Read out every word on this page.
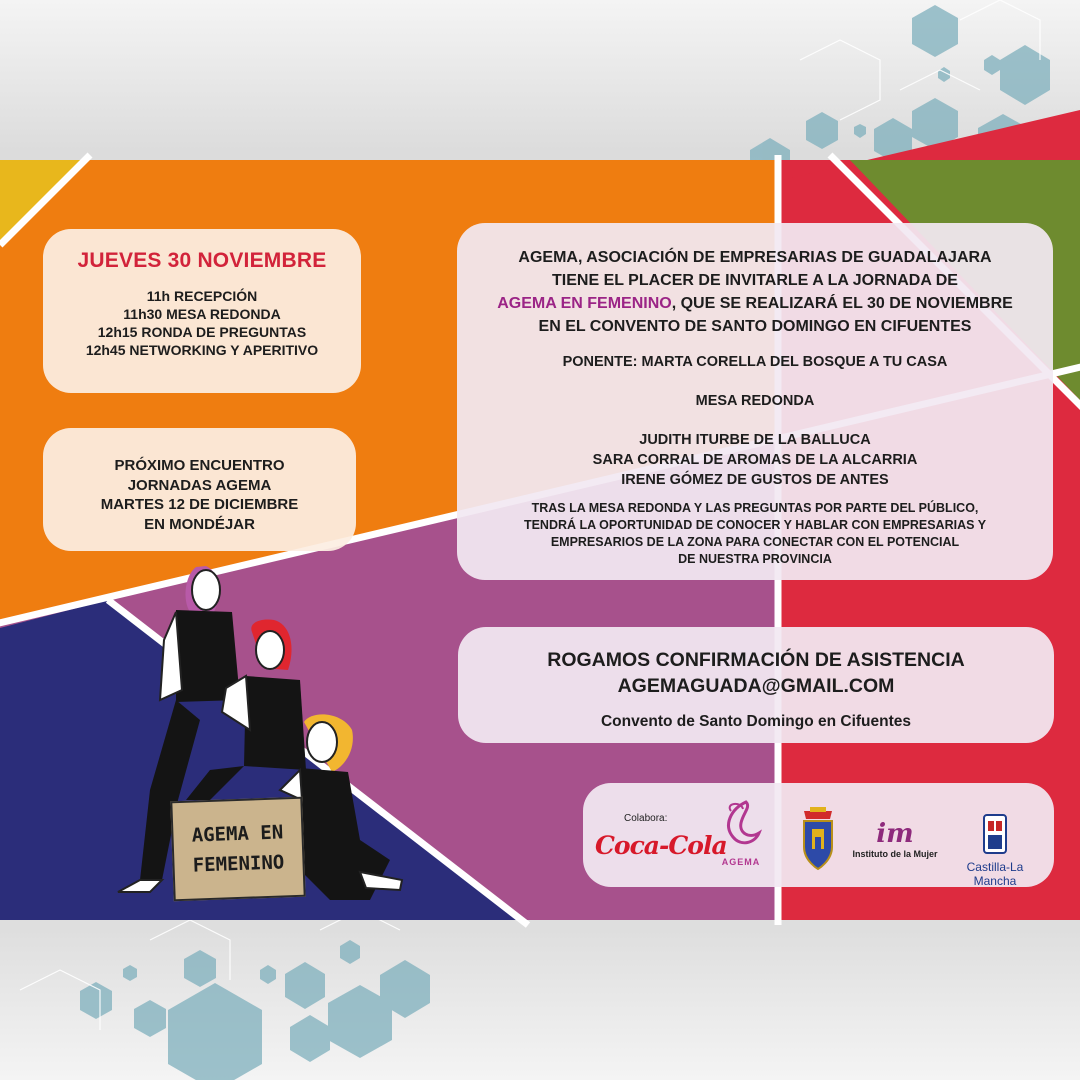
JUEVES 30 NOVIEMBRE
11h RECEPCIÓN
11h30 MESA REDONDA
12h15 RONDA DE PREGUNTAS
12h45 NETWORKING Y APERITIVO
PRÓXIMO ENCUENTRO
JORNADAS AGEMA
MARTES 12 DE DICIEMBRE
EN MONDÉJAR
AGEMA, ASOCIACIÓN DE EMPRESARIAS DE GUADALAJARA
TIENE EL PLACER DE INVITARLE A LA JORNADA DE
AGEMA EN FEMENINO, QUE SE REALIZARÁ EL 30 DE NOVIEMBRE
EN EL CONVENTO DE SANTO DOMINGO EN CIFUENTES
PONENTE: MARTA CORELLA DEL BOSQUE A TU CASA
MESA REDONDA
JUDITH ITURBE DE LA BALLUCA
SARA CORRAL DE AROMAS DE LA ALCARRIA
IRENE GÓMEZ DE GUSTOS DE ANTES
TRAS LA MESA REDONDA Y LAS PREGUNTAS POR PARTE DEL PÚBLICO,
TENDRÁ LA OPORTUNIDAD DE CONOCER Y HABLAR CON EMPRESARIAS Y
EMPRESARIOS DE LA ZONA PARA CONECTAR CON EL POTENCIAL
DE NUESTRA PROVINCIA
ROGAMOS CONFIRMACIÓN DE ASISTENCIA
AGEMAGUADA@GMAIL.COM
Convento de Santo Domingo en Cifuentes
Colabora:
Coca-Cola
AGEMA
im
Instituto de la Mujer
Castilla-La Mancha
AGEMA EN
FEMENINO
